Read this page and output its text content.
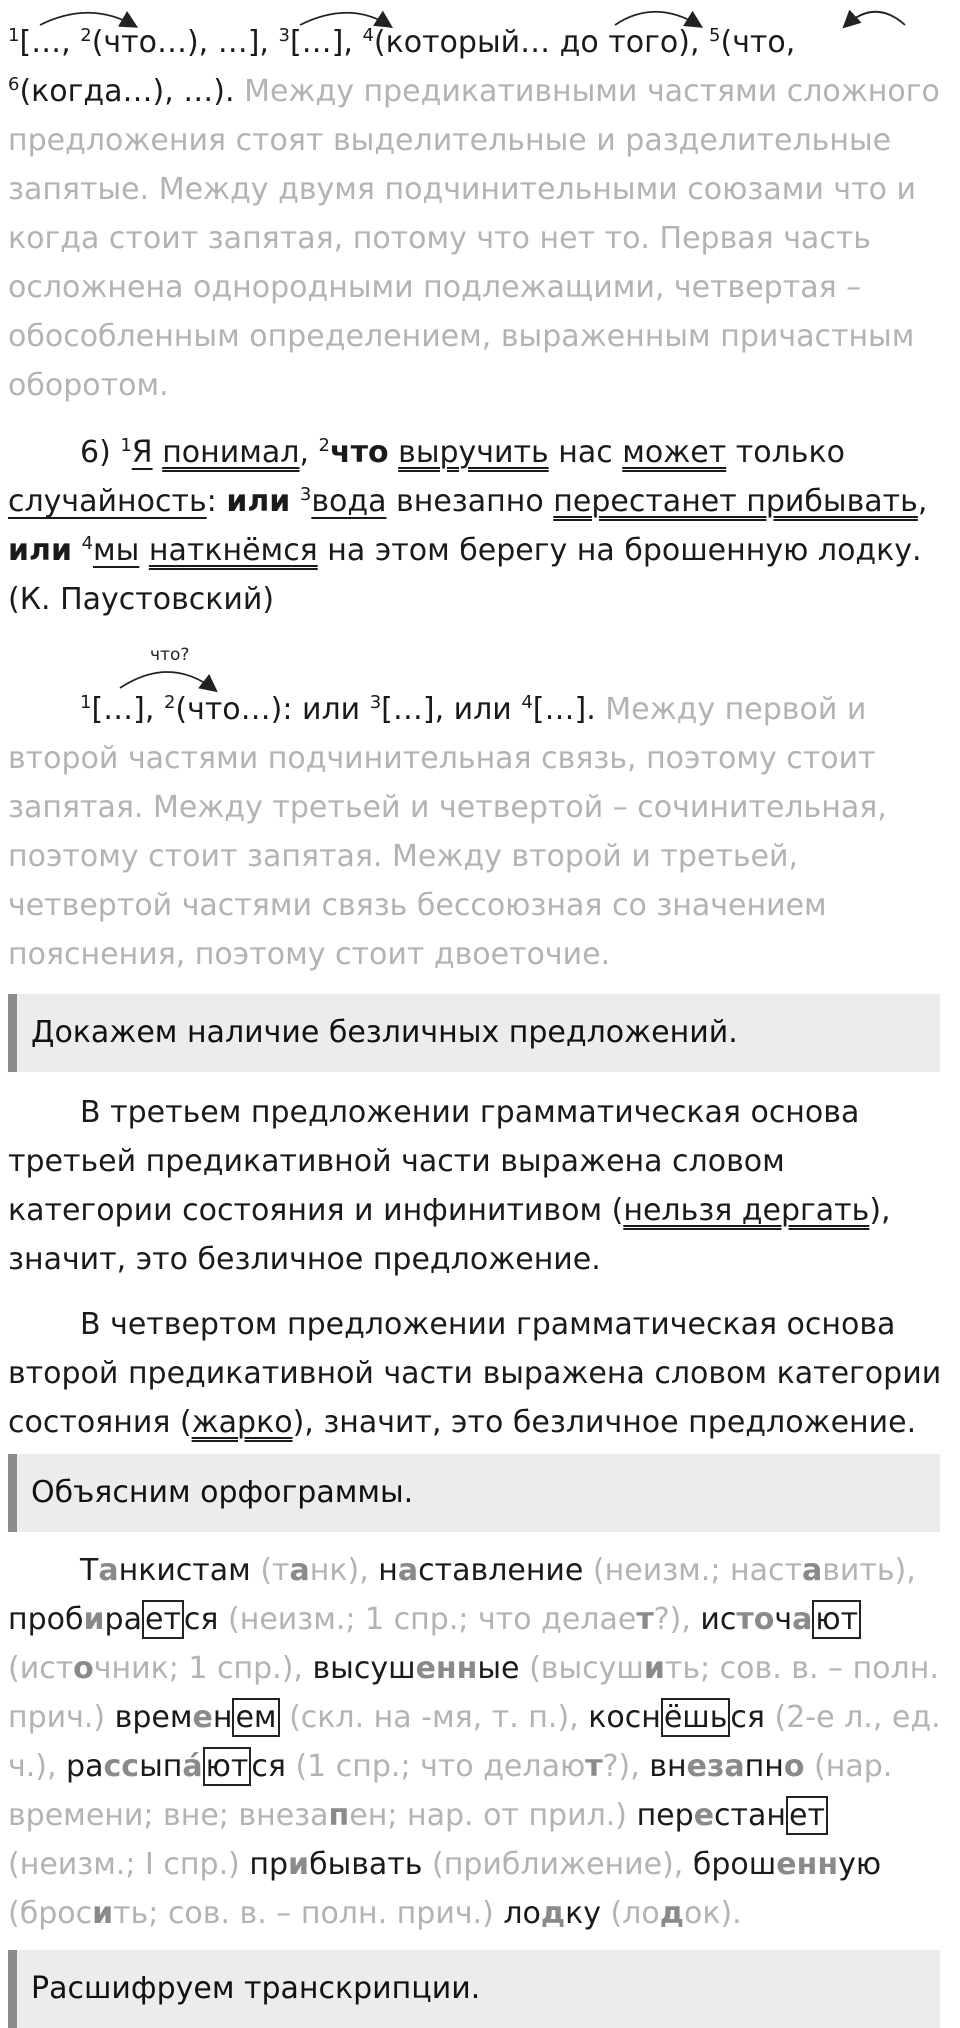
$^1$[…, $^2$(что…), …], $^3$[…], $^4$(который… до того), $^5$(что, $^6$(когда…), …). Между предикативными частями сложного предложения стоят выделительные и разделительные запятые. Между двумя подчинительными союзами что и когда стоит запятая, потому что нет то. Первая часть осложнена однородными подлежащими, четвертая – обособленным определением, выраженным причастным оборотом.
6) $^1$Я понимал, $^2$что выручить нас может только случайность: или $^3$вода внезапно перестанет прибывать, или $^4$мы наткнёмся на этом берегу на брошенную лодку. (К. Паустовский)
что?
$^1$[…], $^2$(что…): или $^3$[…], или $^4$[…]. Между первой и второй частями подчинительная связь, поэтому стоит запятая. Между третьей и четвертой – сочинительная, поэтому стоит запятая. Между второй и третьей, четвертой частями связь бессоюзная со значением пояснения, поэтому стоит двоеточие.
Докажем наличие безличных предложений.
В третьем предложении грамматическая основа третьей предикативной части выражена словом категории состояния и инфинитивом (нельзя дергать), значит, это безличное предложение.
В четвертом предложении грамматическая основа второй предикативной части выражена словом категории состояния (жарко), значит, это безличное предложение.
Объясним орфограммы.
Танкистам (танк), наставление (неизм.; наставить), пробира ет ся (неизм.; 1 спр.; что делает?), источа ют (источник; 1 спр.), высушенные (высушить; сов. в. – полн. прич.) времен ем (скл. на -мя, т. п.), косн ёшь ся (2-е л., ед. ч.), рассыпа́ ют ся (1 спр.; что делают?), внезапно (нар. времени; вне; внезапен; нар. от прил.) перестан ет (неизм.; I спр.) прибывать (приближение), брошенную (бросить; сов. в. – полн. прич.) лодку (лодок).
Расшифруем транскрипции.
